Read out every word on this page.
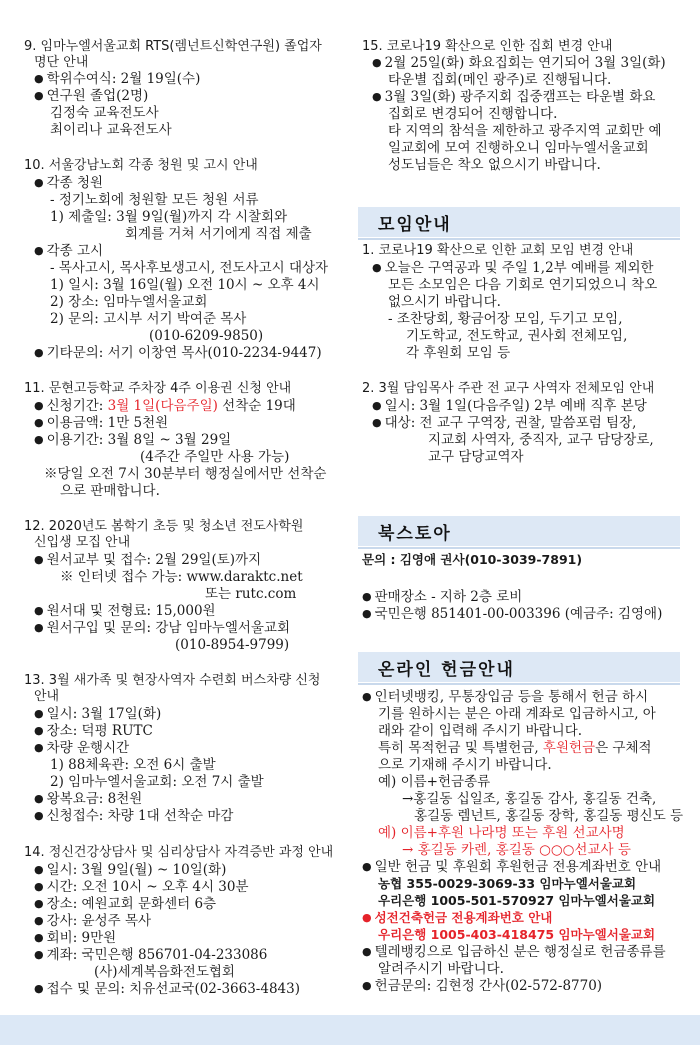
9. 임마누엘서울교회 RTS(렘넌트신학연구원) 졸업자
명단 안내
● 학위수여식: 2월 19일(수)
● 연구원 졸업(2명)
김정숙 교육전도사
최이리나 교육전도사
10. 서울강남노회 각종 청원 및 고시 안내
● 각종 청원
- 정기노회에 청원할 모든 청원 서류
1) 제출일: 3월 9일(월)까지 각 시찰회와
회계를 거쳐 서기에게 직접 제출
● 각종 고시
- 목사고시, 목사후보생고시, 전도사고시 대상자
1) 일시: 3월 16일(월) 오전 10시 ~ 오후 4시
2) 장소: 임마누엘서울교회
2) 문의: 고시부 서기 박여준 목사
(010-6209-9850)
● 기타문의: 서기 이창연 목사(010-2234-9447)
11. 문현고등학교 주차장 4주 이용권 신청 안내
● 신청기간: 3월 1일(다음주일) 선착순 19대
● 이용금액: 1만 5천원
● 이용기간: 3월 8일 ~ 3월 29일
(4주간 주일만 사용 가능)
※당일 오전 7시 30분부터 행정실에서만 선착순
으로 판매합니다.
12. 2020년도 봄학기 초등 및 청소년 전도사학원
신입생 모집 안내
● 원서교부 및 접수: 2월 29일(토)까지
※ 인터넷 접수 가능: www.daraktc.net
또는 rutc.com
● 원서대 및 전형료: 15,000원
● 원서구입 및 문의: 강남 임마누엘서울교회
(010-8954-9799)
13. 3월 새가족 및 현장사역자 수련회 버스차량 신청
안내
● 일시: 3월 17일(화)
● 장소: 덕평 RUTC
● 차량 운행시간
1) 88체육관: 오전 6시 출발
2) 임마누엘서울교회: 오전 7시 출발
● 왕복요금: 8천원
● 신청접수: 차량 1대 선착순 마감
14. 정신건강상담사 및 심리상담사 자격증반 과정 안내
● 일시: 3월 9일(월) ~ 10일(화)
● 시간: 오전 10시 ~ 오후 4시 30분
● 장소: 예원교회 문화센터 6층
● 강사: 윤성주 목사
● 회비: 9만원
● 계좌: 국민은행 856701-04-233086
(사)세계복음화전도협회
● 접수 및 문의: 치유선교국(02-3663-4843)
15. 코로나19 확산으로 인한 집회 변경 안내
● 2월 25일(화) 화요집회는 연기되어 3월 3일(화)
타운별 집회(메인 광주)로 진행됩니다.
● 3월 3일(화) 광주지회 집중캠프는 타운별 화요
집회로 변경되어 진행합니다.
타 지역의 참석을 제한하고 광주지역 교회만 예
일교회에 모여 진행하오니 임마누엘서울교회
성도님들은 착오 없으시기 바랍니다.
1. 코로나19 확산으로 인한 교회 모임 변경 안내
● 오늘은 구역공과 및 주일 1,2부 예배를 제외한
모든 소모임은 다음 기회로 연기되었으니 착오
없으시기 바랍니다.
- 조찬당회, 황금어장 모임, 두기고 모임,
기도학교, 전도학교, 권사회 전체모임,
각 후원회 모임 등
2. 3월 담임목사 주관 전 교구 사역자 전체모임 안내
● 일시: 3월 1일(다음주일) 2부 예배 직후 본당
● 대상: 전 교구 구역장, 권찰, 말씀포럼 팀장,
지교회 사역자, 중직자, 교구 담당장로,
교구 담당교역자
문의 : 김영애 권사(010-3039-7891)
● 판매장소 - 지하 2층 로비
● 국민은행 851401-00-003396 (예금주: 김영애)
● 인터넷뱅킹, 무통장입금 등을 통해서 헌금 하시
기를 원하시는 분은 아래 계좌로 입금하시고, 아
래와 같이 입력해 주시기 바랍니다.
특히 목적헌금 및 특별헌금, 후원헌금은 구체적
으로 기재해 주시기 바랍니다.
예) 이름+헌금종류
→홍길동 십일조, 홍길동 감사, 홍길동 건축,
홍길동 렘넌트, 홍길동 장학, 홍길동 평신도 등
예) 이름+후원 나라명 또는 후원 선교사명
→ 홍길동 카렌, 홍길동 ○○○선교사 등
● 일반 헌금 및 후원회 후원헌금 전용계좌번호 안내
농협 355-0029-3069-33 임마누엘서울교회
우리은행 1005-501-570927 임마누엘서울교회
● 성전건축헌금 전용계좌번호 안내
우리은행 1005-403-418475 임마누엘서울교회
● 텔레뱅킹으로 입금하신 분은 행정실로 헌금종류를
알려주시기 바랍니다.
● 헌금문의: 김현정 간사(02-572-8770)
모임안내
북스토아
온라인 헌금안내
